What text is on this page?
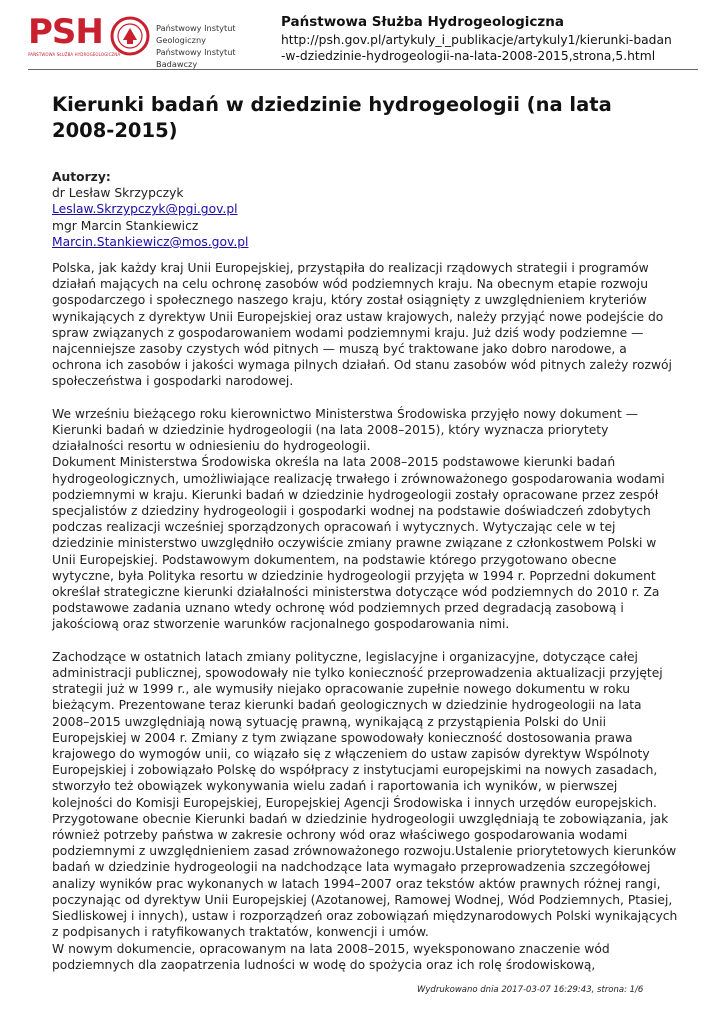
PSH	Państwowy Instytut Geologiczny
Państwowy Instytut Badawczy
PAŃSTWOWA SŁUŻBA HYDROGEOLOGICZNA
Państwowa Służba Hydrogeologiczna
http://psh.gov.pl/artykuly_i_publikacje/artykuly1/kierunki-badan
-w-dziedzinie-hydrogeologii-na-lata-2008-2015,strona,5.html
Kierunki badań w dziedzinie hydrogeologii (na lata
2008-2015)
Autorzy:
dr Lesław Skrzypczyk
Leslaw.Skrzypczyk@pgi.gov.pl
mgr Marcin Stankiewicz
Marcin.Stankiewicz@mos.gov.pl

Polska, jak każdy kraj Unii Europejskiej, przystąpiła do realizacji rządowych strategii i programów

działań mających na celu ochronę zasobów wód podziemnych kraju. Na obecnym etapie rozwoju

gospodarczego i społecznego naszego kraju, który został osiągnięty z uwzględnieniem kryteriów

wynikających z dyrektyw Unii Europejskiej oraz ustaw krajowych, należy przyjąć nowe podejście do

spraw związanych z gospodarowaniem wodami podziemnymi kraju. Już dziś wody podziemne —

najcenniejsze zasoby czystych wód pitnych — muszą być traktowane jako dobro narodowe, a

ochrona ich zasobów i jakości wymaga pilnych działań. Od stanu zasobów wód pitnych zależy rozwój

społeczeństwa i gospodarki narodowej.

We wrześniu bieżącego roku kierownictwo Ministerstwa Środowiska przyjęło nowy dokument —

Kierunki badań w dziedzinie hydrogeologii (na lata 2008–2015), który wyznacza priorytety

działalności resortu w odniesieniu do hydrogeologii.

Dokument Ministerstwa Środowiska określa na lata 2008–2015 podstawowe kierunki badań

hydrogeologicznych, umożliwiające realizację trwałego i zrównoważonego gospodarowania wodami

podziemnymi w kraju. Kierunki badań w dziedzinie hydrogeologii zostały opracowane przez zespół

specjalistów z dziedziny hydrogeologii i gospodarki wodnej na podstawie doświadczeń zdobytych

podczas realizacji wcześniej sporządzonych opracowań i wytycznych. Wytyczając cele w tej

dziedzinie ministerstwo uwzględniło oczywiście zmiany prawne związane z członkostwem Polski w

Unii Europejskiej. Podstawowym dokumentem, na podstawie którego przygotowano obecne

wytyczne, była Polityka resortu w dziedzinie hydrogeologii przyjęta w 1994 r. Poprzedni dokument

określał strategiczne kierunki działalności ministerstwa dotyczące wód podziemnych do 2010 r. Za

podstawowe zadania uznano wtedy ochronę wód podziemnych przed degradacją zasobową i

jakościową oraz stworzenie warunków racjonalnego gospodarowania nimi.

Zachodzące w ostatnich latach zmiany polityczne, legislacyjne i organizacyjne, dotyczące całej

administracji publicznej, spowodowały nie tylko konieczność przeprowadzenia aktualizacji przyjętej

strategii już w 1999 r., ale wymusiły niejako opracowanie zupełnie nowego dokumentu w roku

bieżącym. Prezentowane teraz kierunki badań geologicznych w dziedzinie hydrogeologii na lata

2008–2015 uwzględniają nową sytuację prawną, wynikającą z przystąpienia Polski do Unii

Europejskiej w 2004 r. Zmiany z tym związane spowodowały konieczność dostosowania prawa

krajowego do wymogów unii, co wiązało się z włączeniem do ustaw zapisów dyrektyw Wspólnoty

Europejskiej i zobowiązało Polskę do współpracy z instytucjami europejskimi na nowych zasadach,

stworzyło też obowiązek wykonywania wielu zadań i raportowania ich wyników, w pierwszej

kolejności do Komisji Europejskiej, Europejskiej Agencji Środowiska i innych urzędów europejskich.

Przygotowane obecnie Kierunki badań w dziedzinie hydrogeologii uwzględniają te zobowiązania, jak

również potrzeby państwa w zakresie ochrony wód oraz właściwego gospodarowania wodami

podziemnymi z uwzględnieniem zasad zrównoważonego rozwoju.Ustalenie priorytetowych kierunków

badań w dziedzinie hydrogeologii na nadchodzące lata wymagało przeprowadzenia szczegółowej

analizy wyników prac wykonanych w latach 1994–2007 oraz tekstów aktów prawnych różnej rangi,

poczynając od dyrektyw Unii Europejskiej (Azotanowej, Ramowej Wodnej, Wód Podziemnych, Ptasiej,

Siedliskowej i innych), ustaw i rozporządzeń oraz zobowiązań międzynarodowych Polski wynikających

z podpisanych i ratyfikowanych traktatów, konwencji i umów.

W nowym dokumencie, opracowanym na lata 2008–2015, wyeksponowano znaczenie wód

podziemnych dla zaopatrzenia ludności w wodę do spożycia oraz ich rolę środowiskową,

Wydrukowano dnia 2017-03-07 16:29:43, strona: 1/6
